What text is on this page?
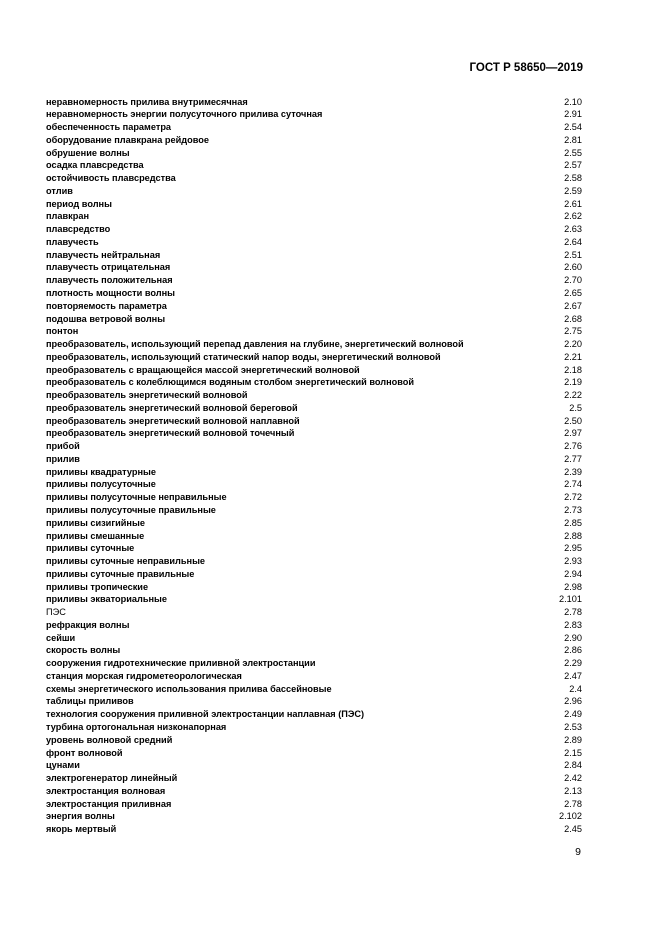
ГОСТ Р 58650—2019
неравномерность прилива внутримесячная	2.10
неравномерность энергии полусуточного прилива суточная	2.91
обеспеченность параметра	2.54
оборудование плавкрана рейдовое	2.81
обрушение волны	2.55
осадка плавсредства	2.57
остойчивость плавсредства	2.58
отлив	2.59
период волны	2.61
плавкран	2.62
плавсредство	2.63
плавучесть	2.64
плавучесть нейтральная	2.51
плавучесть отрицательная	2.60
плавучесть положительная	2.70
плотность мощности волны	2.65
повторяемость параметра	2.67
подошва ветровой волны	2.68
понтон	2.75
преобразователь, использующий перепад давления на глубине, энергетический волновой	2.20
преобразователь, использующий статический напор воды, энергетический волновой	2.21
преобразователь с вращающейся массой энергетический волновой	2.18
преобразователь с колеблющимся водяным столбом энергетический волновой	2.19
преобразователь энергетический волновой	2.22
преобразователь энергетический волновой береговой	2.5
преобразователь энергетический волновой наплавной	2.50
преобразователь энергетический волновой точечный	2.97
прибой	2.76
прилив	2.77
приливы квадратурные	2.39
приливы полусуточные	2.74
приливы полусуточные неправильные	2.72
приливы полусуточные правильные	2.73
приливы сизигийные	2.85
приливы смешанные	2.88
приливы суточные	2.95
приливы суточные неправильные	2.93
приливы суточные правильные	2.94
приливы тропические	2.98
приливы экваториальные	2.101
ПЭС	2.78
рефракция волны	2.83
сейши	2.90
скорость волны	2.86
сооружения гидротехнические приливной электростанции	2.29
станция морская гидрометеорологическая	2.47
схемы энергетического использования прилива бассейновые	2.4
таблицы приливов	2.96
технология сооружения приливной электростанции наплавная (ПЭС)	2.49
турбина ортогональная низконапорная	2.53
уровень волновой средний	2.89
фронт волновой	2.15
цунами	2.84
электрогенератор линейный	2.42
электростанция волновая	2.13
электростанция приливная	2.78
энергия волны	2.102
якорь мертвый	2.45
9
